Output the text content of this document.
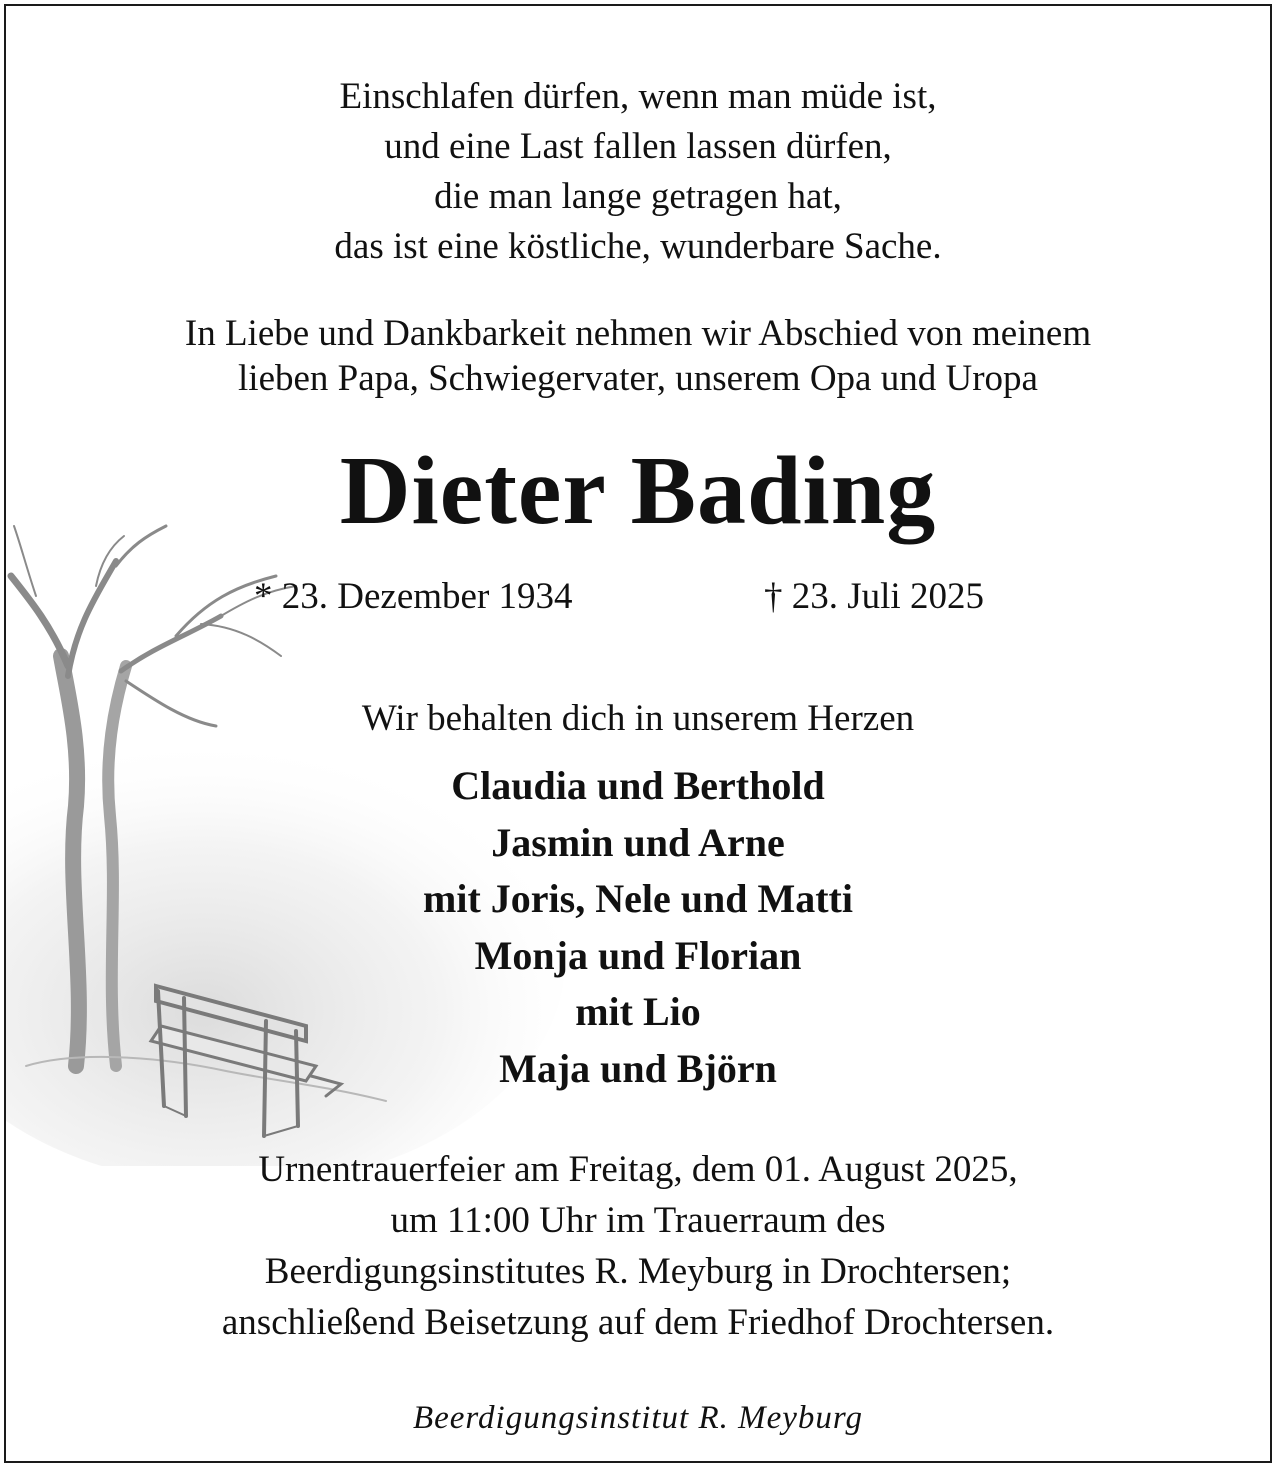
Einschlafen dürfen, wenn man müde ist,
und eine Last fallen lassen dürfen,
die man lange getragen hat,
das ist eine köstliche, wunderbare Sache.
In Liebe und Dankbarkeit nehmen wir Abschied von meinem
lieben Papa, Schwiegervater, unserem Opa und Uropa
Dieter Bading
* 23. Dezember 1934	† 23. Juli 2025
Wir behalten dich in unserem Herzen
Claudia und Berthold
Jasmin und Arne
mit Joris, Nele und Matti
Monja und Florian
mit Lio
Maja und Björn
Urnentrauerfeier am Freitag, dem 01. August 2025,
um 11:00 Uhr im Trauerraum des
Beerdigungsinstitutes R. Meyburg in Drochtersen;
anschließend Beisetzung auf dem Friedhof Drochtersen.
Beerdigungsinstitut R. Meyburg
